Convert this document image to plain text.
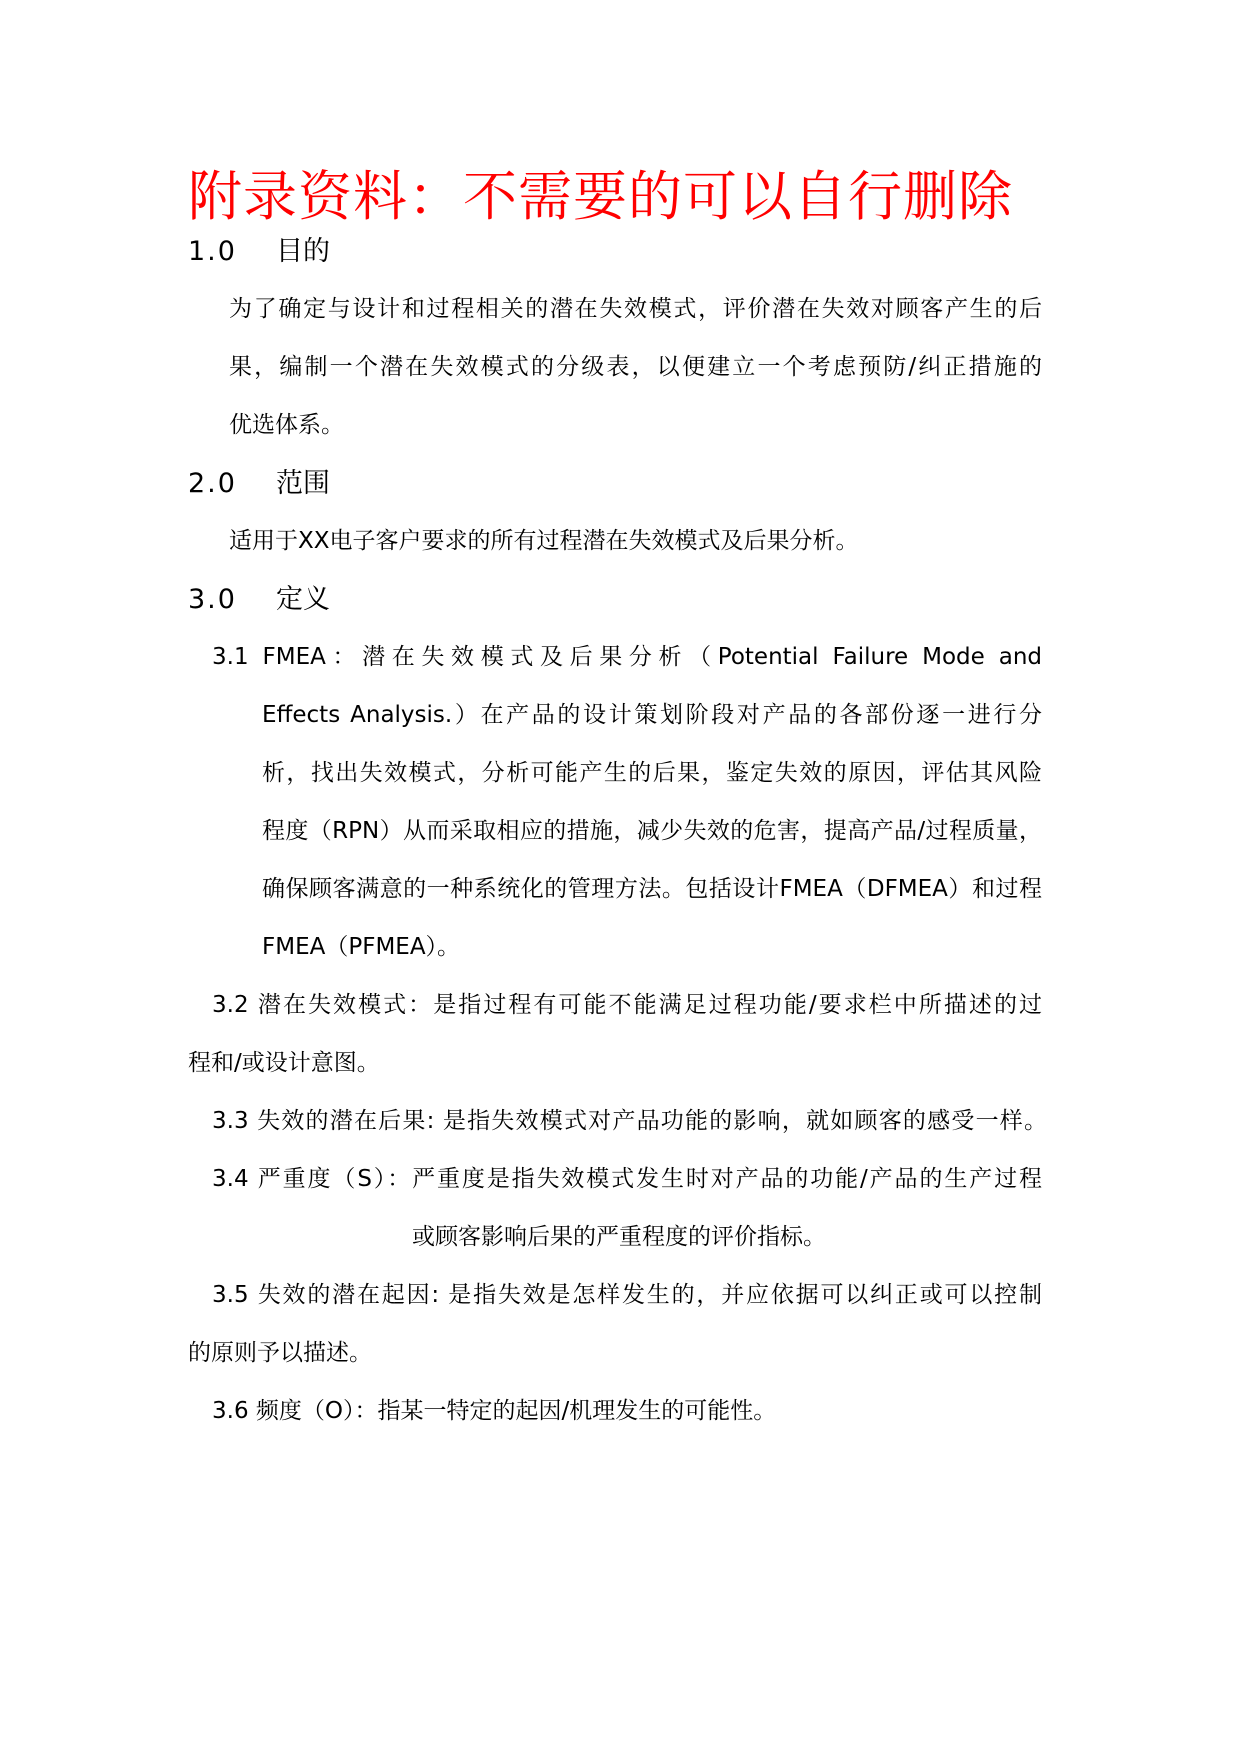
附录资料：不需要的可以自行删除
1.0 目的
为了确定与设计和过程相关的潜在失效模式，评价潜在失效对顾客产生的后
果，编制一个潜在失效模式的分级表，以便建立一个考虑预防/纠正措施的
优选体系。
2.0 范围
适用于XX电子客户要求的所有过程潜在失效模式及后果分析。
3.0 定义
3.1 FMEA：潜在失效模式及后果分析（Potential Failure Mode and
Effects Analysis.）在产品的设计策划阶段对产品的各部份逐一进行分
析，找出失效模式，分析可能产生的后果，鉴定失效的原因，评估其风险
程度（RPN）从而采取相应的措施，减少失效的危害，提高产品/过程质量，
确保顾客满意的一种系统化的管理方法。包括设计FMEA（DFMEA）和过程
FMEA（PFMEA）。
3.2 潜在失效模式：是指过程有可能不能满足过程功能/要求栏中所描述的过
程和/或设计意图。
3.3 失效的潜在后果: 是指失效模式对产品功能的影响，就如顾客的感受一样。
3.4 严重度（S）：严重度是指失效模式发生时对产品的功能/产品的生产过程
或顾客影响后果的严重程度的评价指标。
3.5 失效的潜在起因: 是指失效是怎样发生的，并应依据可以纠正或可以控制
的原则予以描述。
3.6 频度（O）：指某一特定的起因/机理发生的可能性。
